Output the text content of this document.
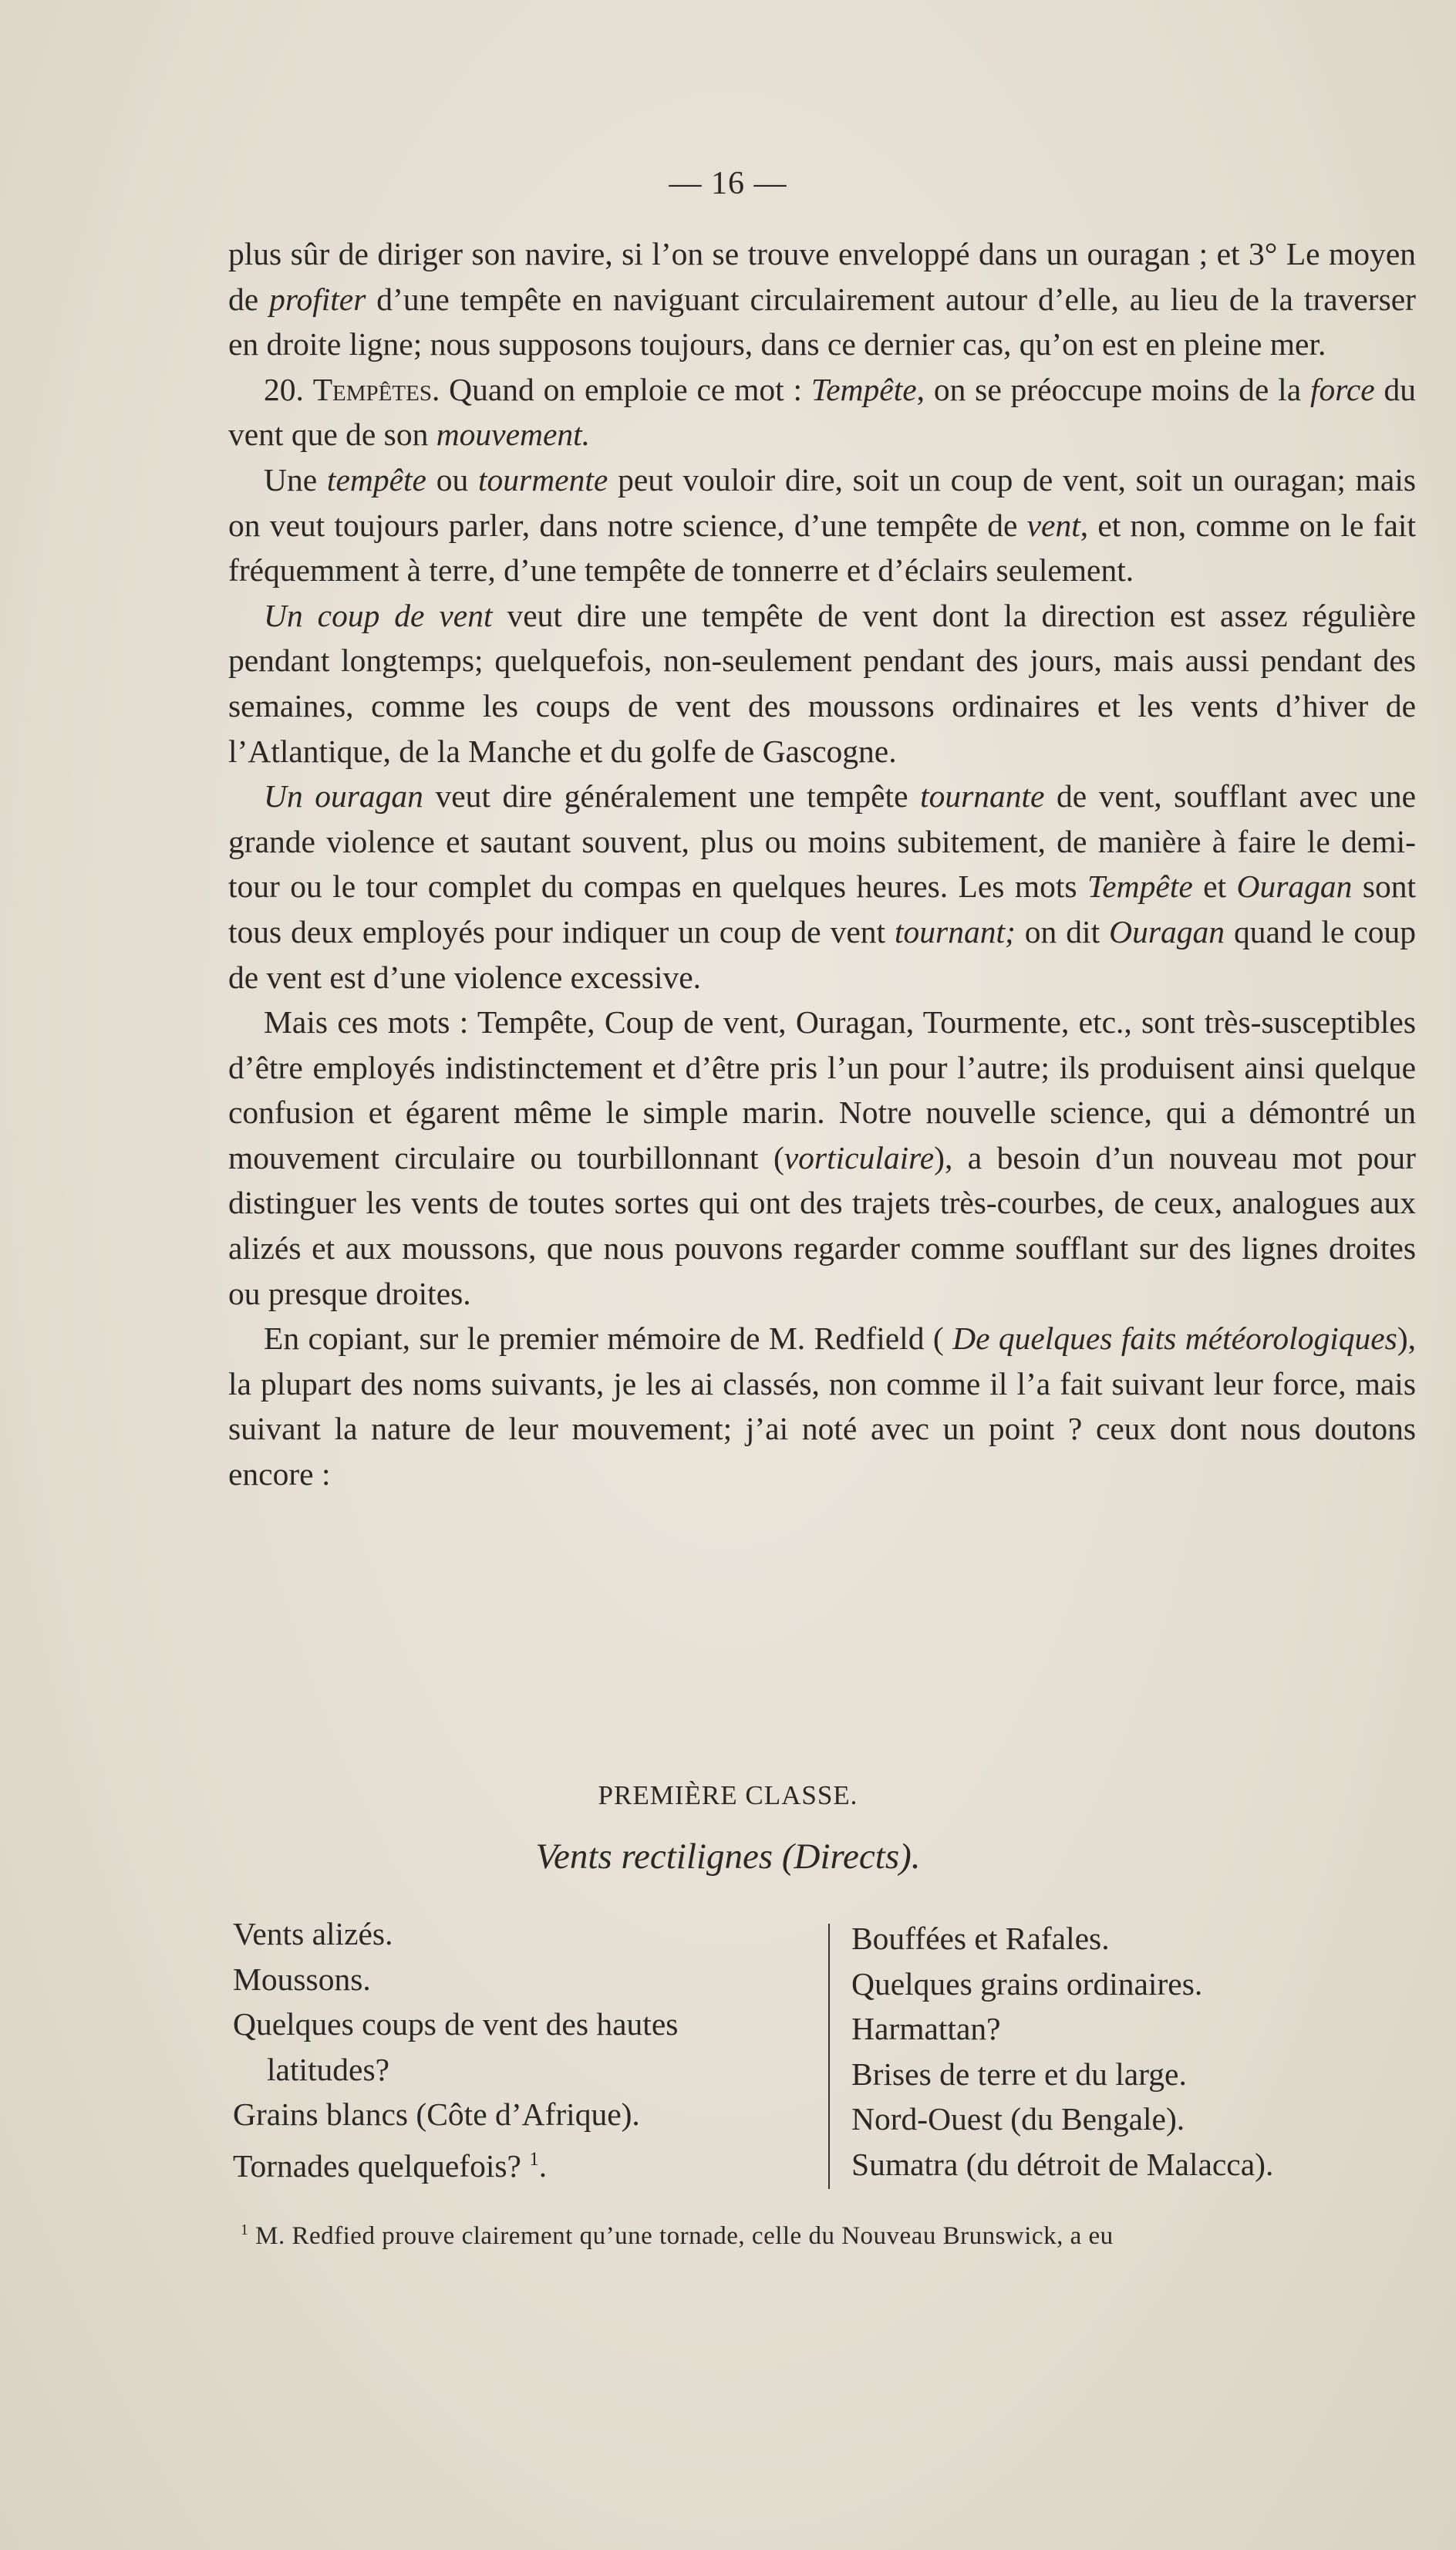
— 16 —

plus sûr de diriger son navire, si l’on se trouve enveloppé dans un ouragan ; et 3° Le moyen de profiter d’une tempête en naviguant circulairement autour d’elle, au lieu de la traverser en droite ligne; nous supposons toujours, dans ce dernier cas, qu’on est en pleine mer.

20. Tempêtes. Quand on emploie ce mot : Tempête, on se préoccupe moins de la force du vent que de son mouvement.

Une tempête ou tourmente peut vouloir dire, soit un coup de vent, soit un ouragan; mais on veut toujours parler, dans notre science, d’une tempête de vent, et non, comme on le fait fréquemment à terre, d’une tempête de tonnerre et d’éclairs seulement.

Un coup de vent veut dire une tempête de vent dont la direction est assez régulière pendant longtemps; quelquefois, non-seulement pendant des jours, mais aussi pendant des semaines, comme les coups de vent des moussons ordinaires et les vents d’hiver de l’Atlantique, de la Manche et du golfe de Gascogne.

Un ouragan veut dire généralement une tempête tournante de vent, soufflant avec une grande violence et sautant souvent, plus ou moins subitement, de manière à faire le demi-tour ou le tour complet du compas en quelques heures. Les mots Tempête et Ouragan sont tous deux employés pour indiquer un coup de vent tournant; on dit Ouragan quand le coup de vent est d’une violence excessive.

Mais ces mots : Tempête, Coup de vent, Ouragan, Tourmente, etc., sont très-susceptibles d’être employés indistinctement et d’être pris l’un pour l’autre; ils produisent ainsi quelque confusion et égarent même le simple marin. Notre nouvelle science, qui a démontré un mouvement circulaire ou tourbillonnant (vorticulaire), a besoin d’un nouveau mot pour distinguer les vents de toutes sortes qui ont des trajets très-courbes, de ceux, analogues aux alizés et aux moussons, que nous pouvons regarder comme soufflant sur des lignes droites ou presque droites.

En copiant, sur le premier mémoire de M. Redfield ( De quelques faits météorologiques), la plupart des noms suivants, je les ai classés, non comme il l’a fait suivant leur force, mais suivant la nature de leur mouvement; j’ai noté avec un point ? ceux dont nous doutons encore :

PREMIÈRE CLASSE.
Vents rectilignes (Directs).
Vents alizés.
Moussons.
Quelques coups de vent des hautes
latitudes?
Grains blancs (Côte d’Afrique).
Tornades quelquefois? $^1$.
Bouffées et Rafales.
Quelques grains ordinaires.
Harmattan?
Brises de terre et du large.
Nord-Ouest (du Bengale).
Sumatra (du détroit de Malacca).
$^1$ M. Redfied prouve clairement qu’une tornade, celle du Nouveau Brunswick, a eu
